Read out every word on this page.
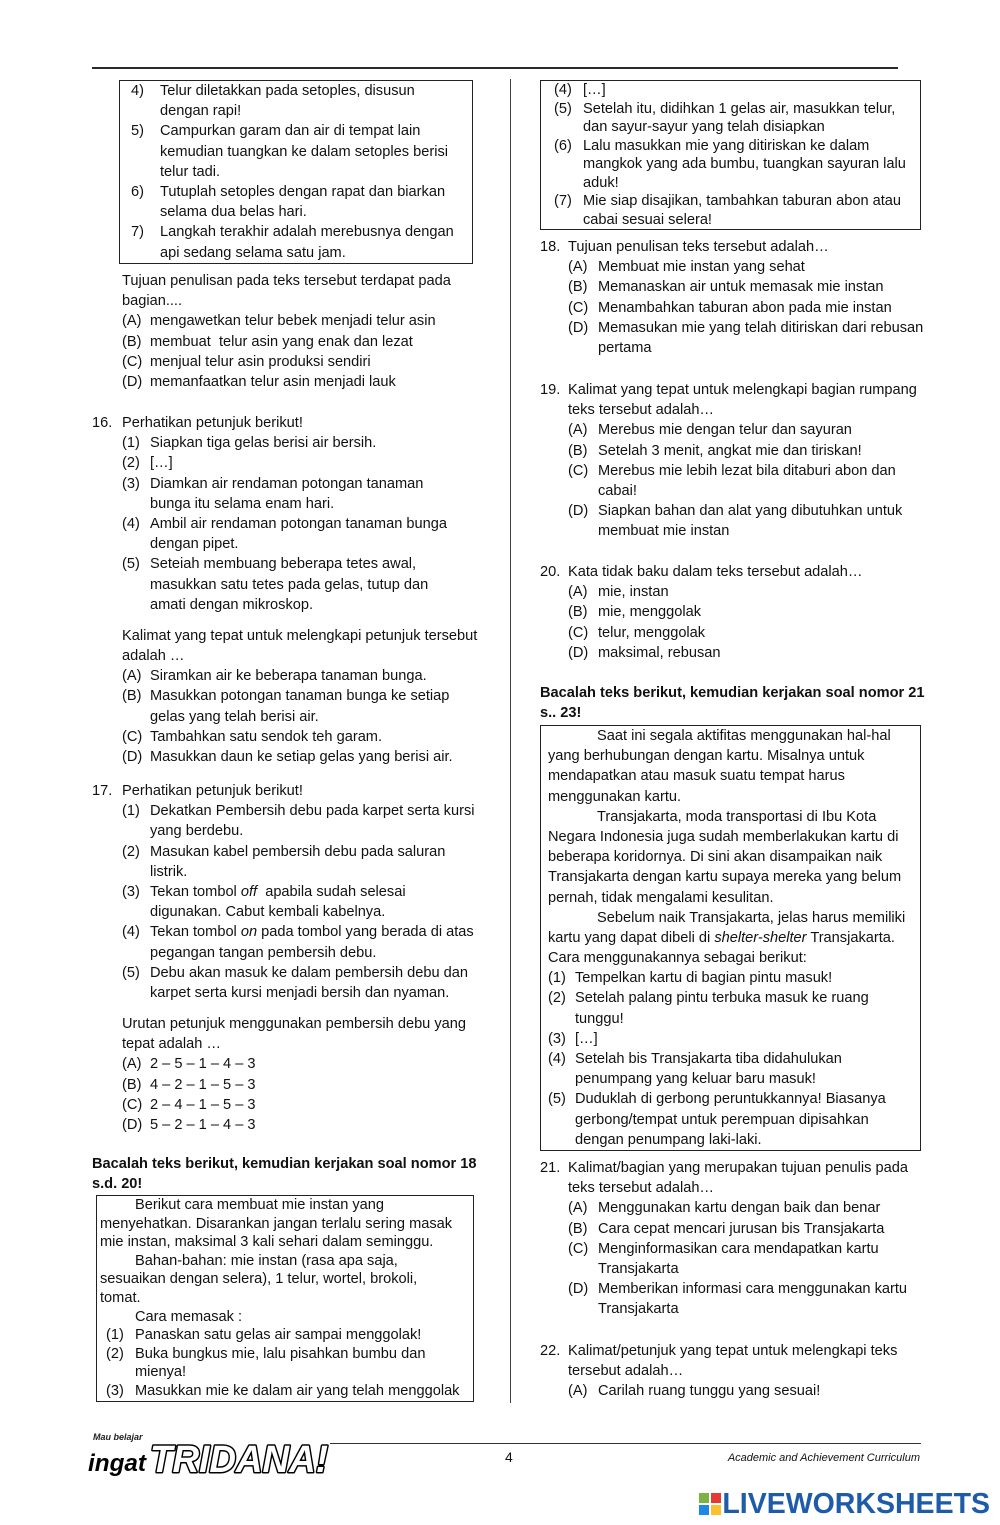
4) Telur diletakkan pada setoples, disusun
dengan rapi!
5) Campurkan garam dan air di tempat lain
kemudian tuangkan ke dalam setoples berisi
telur tadi.
6) Tutuplah setoples dengan rapat dan biarkan
selama dua belas hari.
7) Langkah terakhir adalah merebusnya dengan
api sedang selama satu jam.
Tujuan penulisan pada teks tersebut terdapat pada
bagian....
(A) mengawetkan telur bebek menjadi telur asin
(B) membuat  telur asin yang enak dan lezat
(C) menjual telur asin produksi sendiri
(D) memanfaatkan telur asin menjadi lauk
16. Perhatikan petunjuk berikut!
(1) Siapkan tiga gelas berisi air bersih.
(2) […]
(3) Diamkan air rendaman potongan tanaman
bunga itu selama enam hari.
(4) Ambil air rendaman potongan tanaman bunga
dengan pipet.
(5) Seteiah membuang beberapa tetes awal,
masukkan satu tetes pada gelas, tutup dan
amati dengan mikroskop.
Kalimat yang tepat untuk melengkapi petunjuk tersebut
adalah …
(A) Siramkan air ke beberapa tanaman bunga.
(B) Masukkan potongan tanaman bunga ke setiap
gelas yang telah berisi air.
(C) Tambahkan satu sendok teh garam.
(D) Masukkan daun ke setiap gelas yang berisi air.
17. Perhatikan petunjuk berikut!
(1) Dekatkan Pembersih debu pada karpet serta kursi
yang berdebu.
(2) Masukan kabel pembersih debu pada saluran
listrik.
(3) Tekan tombol off  apabila sudah selesai
digunakan. Cabut kembali kabelnya.
(4) Tekan tombol on pada tombol yang berada di atas
pegangan tangan pembersih debu.
(5) Debu akan masuk ke dalam pembersih debu dan
karpet serta kursi menjadi bersih dan nyaman.
Urutan petunjuk menggunakan pembersih debu yang
tepat adalah …
(A) 2 – 5 – 1 – 4 – 3
(B) 4 – 2 – 1 – 5 – 3
(C) 2 – 4 – 1 – 5 – 3
(D) 5 – 2 – 1 – 4 – 3
Bacalah teks berikut, kemudian kerjakan soal nomor 18
s.d. 20!
Berikut cara membuat mie instan yang
menyehatkan. Disarankan jangan terlalu sering masak
mie instan, maksimal 3 kali sehari dalam seminggu.
Bahan-bahan: mie instan (rasa apa saja,
sesuaikan dengan selera), 1 telur, wortel, brokoli,
tomat.
Cara memasak :
(1) Panaskan satu gelas air sampai menggolak!
(2) Buka bungkus mie, lalu pisahkan bumbu dan
mienya!
(3) Masukkan mie ke dalam air yang telah menggolak
(4) […]
(5) Setelah itu, didihkan 1 gelas air, masukkan telur,
dan sayur-sayur yang telah disiapkan
(6) Lalu masukkan mie yang ditiriskan ke dalam
mangkok yang ada bumbu, tuangkan sayuran lalu
aduk!
(7) Mie siap disajikan, tambahkan taburan abon atau
cabai sesuai selera!
18. Tujuan penulisan teks tersebut adalah…
(A) Membuat mie instan yang sehat
(B) Memanaskan air untuk memasak mie instan
(C) Menambahkan taburan abon pada mie instan
(D) Memasukan mie yang telah ditiriskan dari rebusan
pertama
19. Kalimat yang tepat untuk melengkapi bagian rumpang
teks tersebut adalah…
(A) Merebus mie dengan telur dan sayuran
(B) Setelah 3 menit, angkat mie dan tiriskan!
(C) Merebus mie lebih lezat bila ditaburi abon dan
cabai!
(D) Siapkan bahan dan alat yang dibutuhkan untuk
membuat mie instan
20. Kata tidak baku dalam teks tersebut adalah…
(A) mie, instan
(B) mie, menggolak
(C) telur, menggolak
(D) maksimal, rebusan
Bacalah teks berikut, kemudian kerjakan soal nomor 21
s.. 23!
Saat ini segala aktifitas menggunakan hal-hal
yang berhubungan dengan kartu. Misalnya untuk
mendapatkan atau masuk suatu tempat harus
menggunakan kartu.
Transjakarta, moda transportasi di Ibu Kota
Negara Indonesia juga sudah memberlakukan kartu di
beberapa koridornya. Di sini akan disampaikan naik
Transjakarta dengan kartu supaya mereka yang belum
pernah, tidak mengalami kesulitan.
Sebelum naik Transjakarta, jelas harus memiliki
kartu yang dapat dibeli di shelter-shelter Transjakarta.
Cara menggunakannya sebagai berikut:
(1) Tempelkan kartu di bagian pintu masuk!
(2) Setelah palang pintu terbuka masuk ke ruang
tunggu!
(3) […]
(4) Setelah bis Transjakarta tiba didahulukan
penumpang yang keluar baru masuk!
(5) Duduklah di gerbong peruntukkannya! Biasanya
gerbong/tempat untuk perempuan dipisahkan
dengan penumpang laki-laki.
21. Kalimat/bagian yang merupakan tujuan penulis pada
teks tersebut adalah…
(A) Menggunakan kartu dengan baik dan benar
(B) Cara cepat mencari jurusan bis Transjakarta
(C) Menginformasikan cara mendapatkan kartu
Transjakarta
(D) Memberikan informasi cara menggunakan kartu
Transjakarta
22. Kalimat/petunjuk yang tepat untuk melengkapi teks
tersebut adalah…
(A) Carilah ruang tunggu yang sesuai!
Mau belajar
ingat TRIDANA!	4	Academic and Achievement Curriculum
LIVEWORKSHEETS
